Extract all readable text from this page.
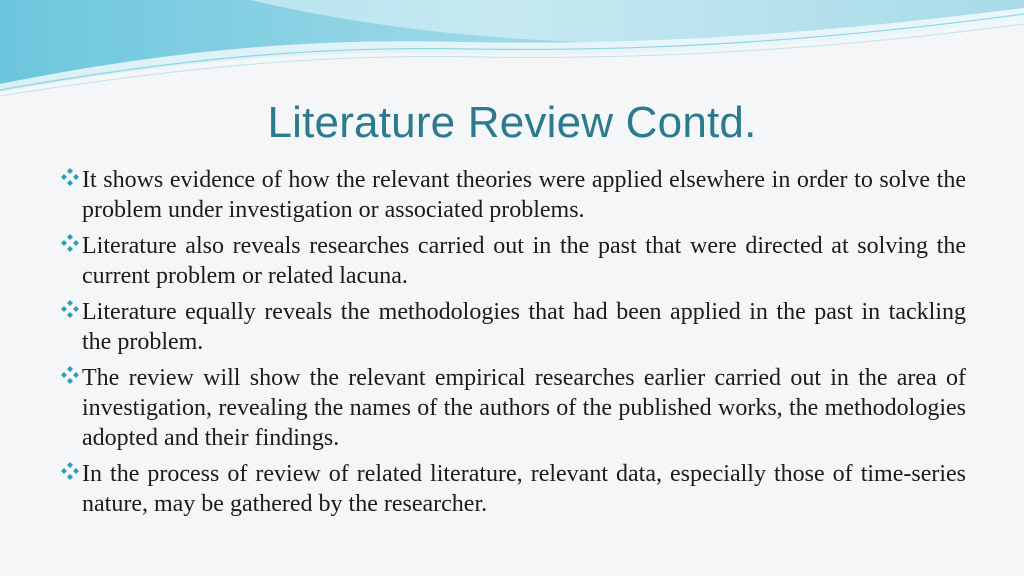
Literature Review Contd.
It shows evidence of how the relevant theories were applied elsewhere in order to solve the problem under investigation or associated problems.
Literature also reveals researches carried out in the past that were directed at solving the current problem or related lacuna.
Literature equally reveals the methodologies that had been applied in the past in tackling the problem.
The review will show the relevant empirical researches earlier carried out in the area of investigation, revealing the names of the authors of the published works, the methodologies adopted and their findings.
In the process of review of related literature, relevant data, especially those of time-series nature, may be gathered by the researcher.
